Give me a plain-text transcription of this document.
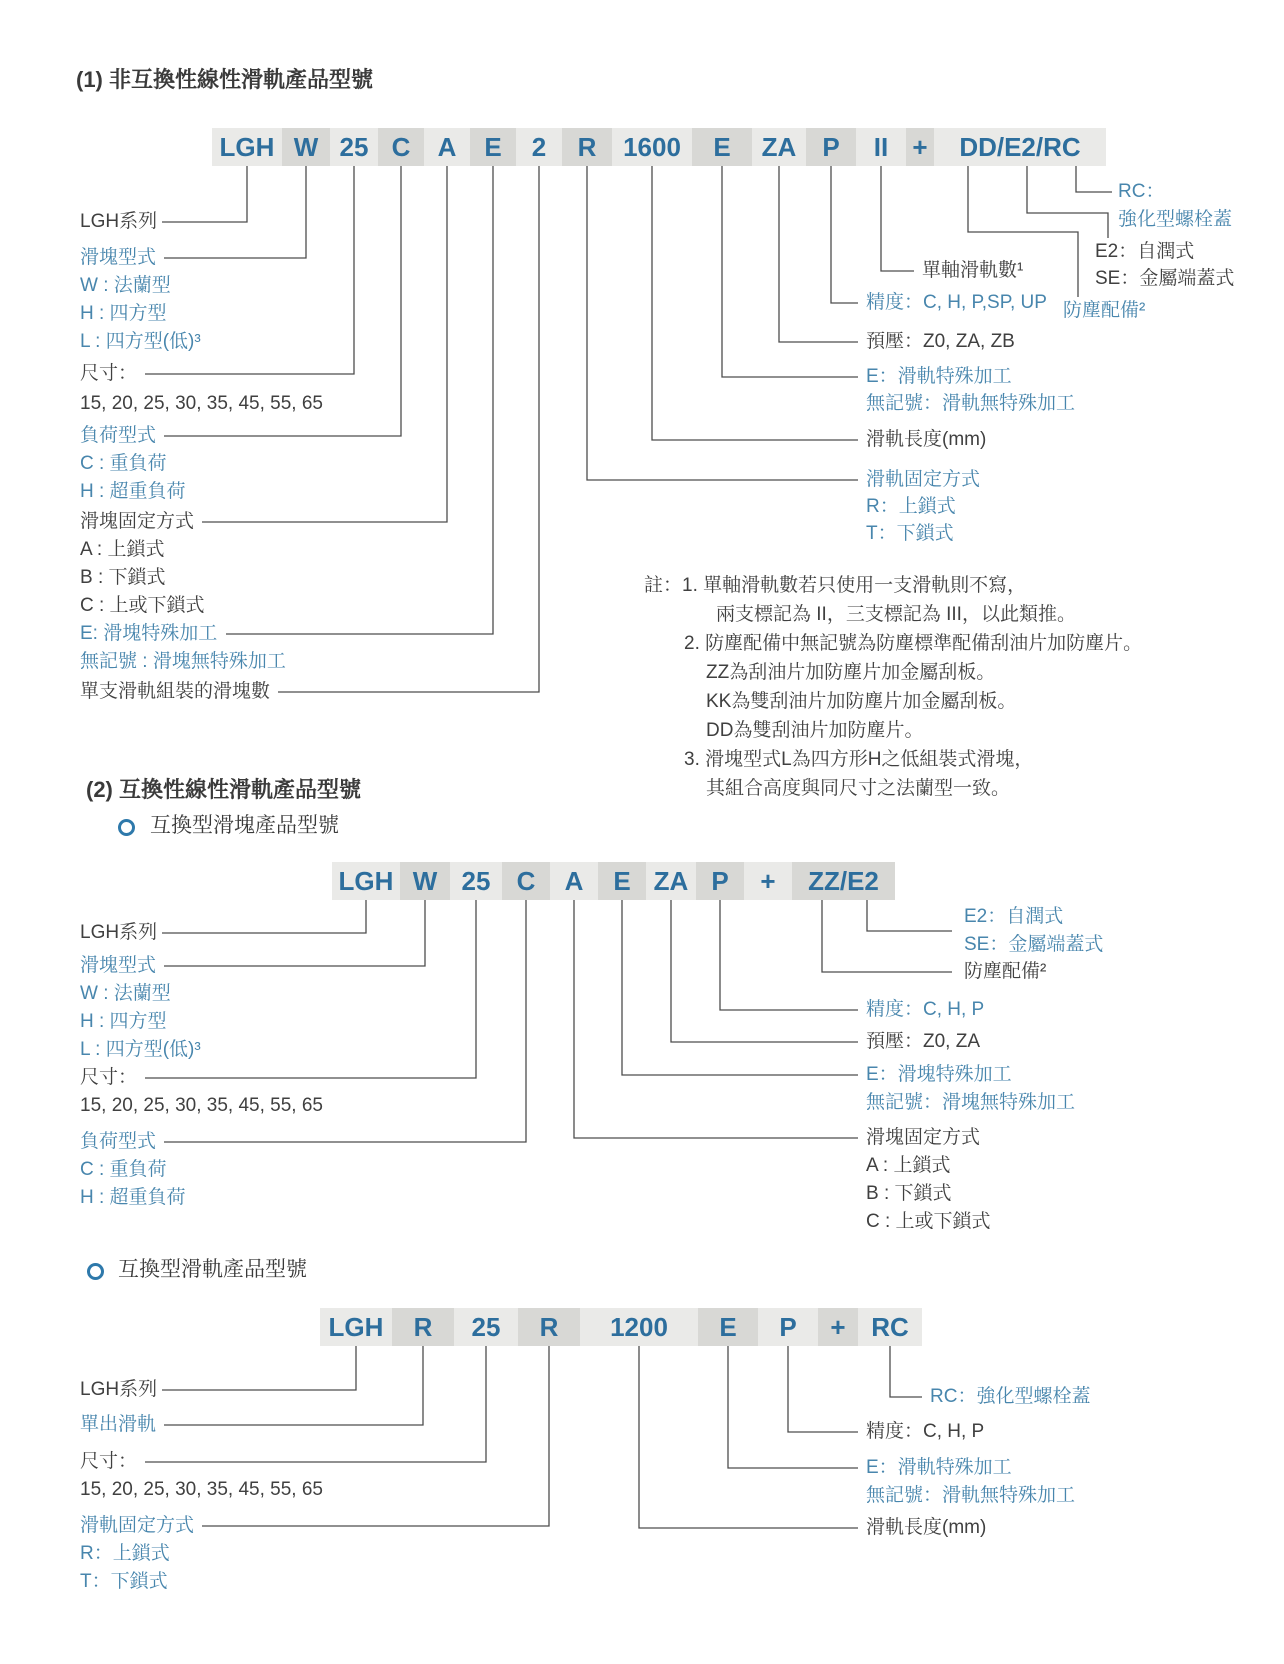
(1) 非互換性線性滑軌產品型號
LGH W 25 C	A	E	2	R	1600	E	ZA	P	II +	DD/E2/RC
LGH系列
滑塊型式
W : 法蘭型
H : 四方型
L : 四方型(低)³
尺寸：
15, 20, 25, 30, 35, 45, 55, 65
負荷型式
C : 重負荷
H : 超重負荷
滑塊固定方式
A : 上鎖式
B : 下鎖式
C : 上或下鎖式
E: 滑塊特殊加工
無記號 : 滑塊無特殊加工
單支滑軌組裝的滑塊數
RC：
強化型螺栓蓋
E2：自潤式
SE：金屬端蓋式
單軸滑軌數¹
防塵配備²
精度：C, H, P,SP, UP
預壓：Z0, ZA, ZB
E：滑軌特殊加工
無記號：滑軌無特殊加工
滑軌長度(mm)
滑軌固定方式
R：上鎖式
T：下鎖式
註：1. 單軸滑軌數若只使用一支滑軌則不寫，
兩支標記為 II，三支標記為 III，以此類推。
2. 防塵配備中無記號為防塵標準配備刮油片加防塵片。
ZZ為刮油片加防塵片加金屬刮板。
KK為雙刮油片加防塵片加金屬刮板。
DD為雙刮油片加防塵片。
3. 滑塊型式L為四方形H之低組裝式滑塊，
其組合高度與同尺寸之法蘭型一致。
(2) 互換性線性滑軌產品型號
互換型滑塊產品型號
LGH W 25	C	A	E ZA P	+	ZZ/E2
LGH系列
滑塊型式
W : 法蘭型
H : 四方型
L : 四方型(低)³
尺寸：
15, 20, 25, 30, 35, 45, 55, 65
負荷型式
C : 重負荷
H : 超重負荷
E2：自潤式
SE：金屬端蓋式
防塵配備²
精度：C, H, P
預壓：Z0, ZA
E：滑塊特殊加工
無記號：滑塊無特殊加工
滑塊固定方式
A : 上鎖式
B : 下鎖式
C : 上或下鎖式
互換型滑軌產品型號
LGH	R	25	R	1200	E	P	+ RC
LGH系列
單出滑軌
尺寸：
15, 20, 25, 30, 35, 45, 55, 65
滑軌固定方式
R：上鎖式
T：下鎖式
RC：強化型螺栓蓋
精度：C, H, P
E：滑軌特殊加工
無記號：滑軌無特殊加工
滑軌長度(mm)
